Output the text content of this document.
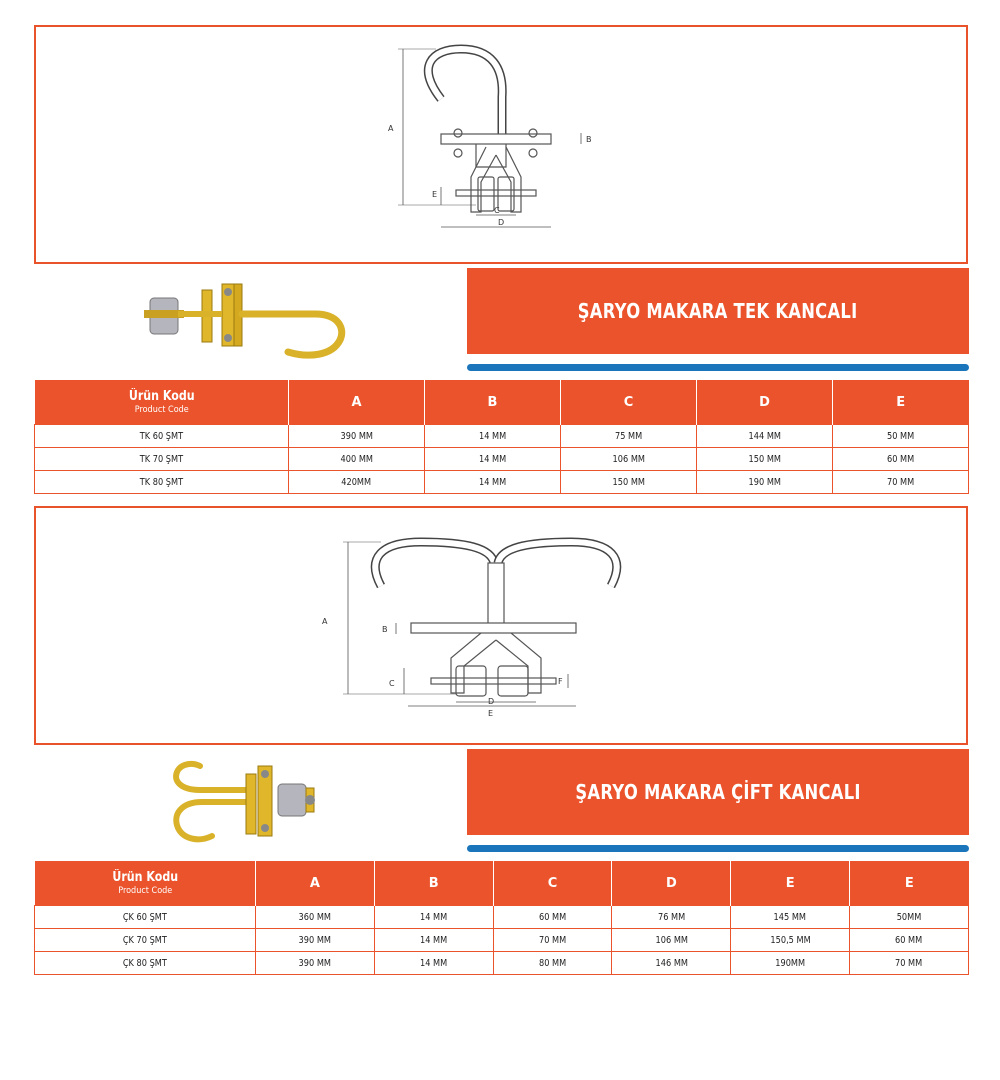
A
B
C
D
E
ŞARYO MAKARA TEK KANCALI
Ürün Kodu
Product Code	A	B	C	D	E
TK 60 ŞMT	390 MM	14 MM	75 MM	144 MM	50 MM
TK 70 ŞMT	400 MM	14 MM	106 MM	150 MM	60 MM
TK 80 ŞMT	420MM	14 MM	150 MM	190 MM	70 MM
A
B
C
D
E
F
ŞARYO MAKARA ÇİFT KANCALI
Ürün Kodu
Product Code	A	B	C	D	E	E
ÇK 60 ŞMT	360 MM	14 MM	60 MM	76 MM	145 MM	50MM
ÇK 70 ŞMT	390 MM	14 MM	70 MM	106 MM	150,5 MM	60 MM
ÇK 80 ŞMT	390 MM	14 MM	80 MM	146 MM	190MM	70 MM
